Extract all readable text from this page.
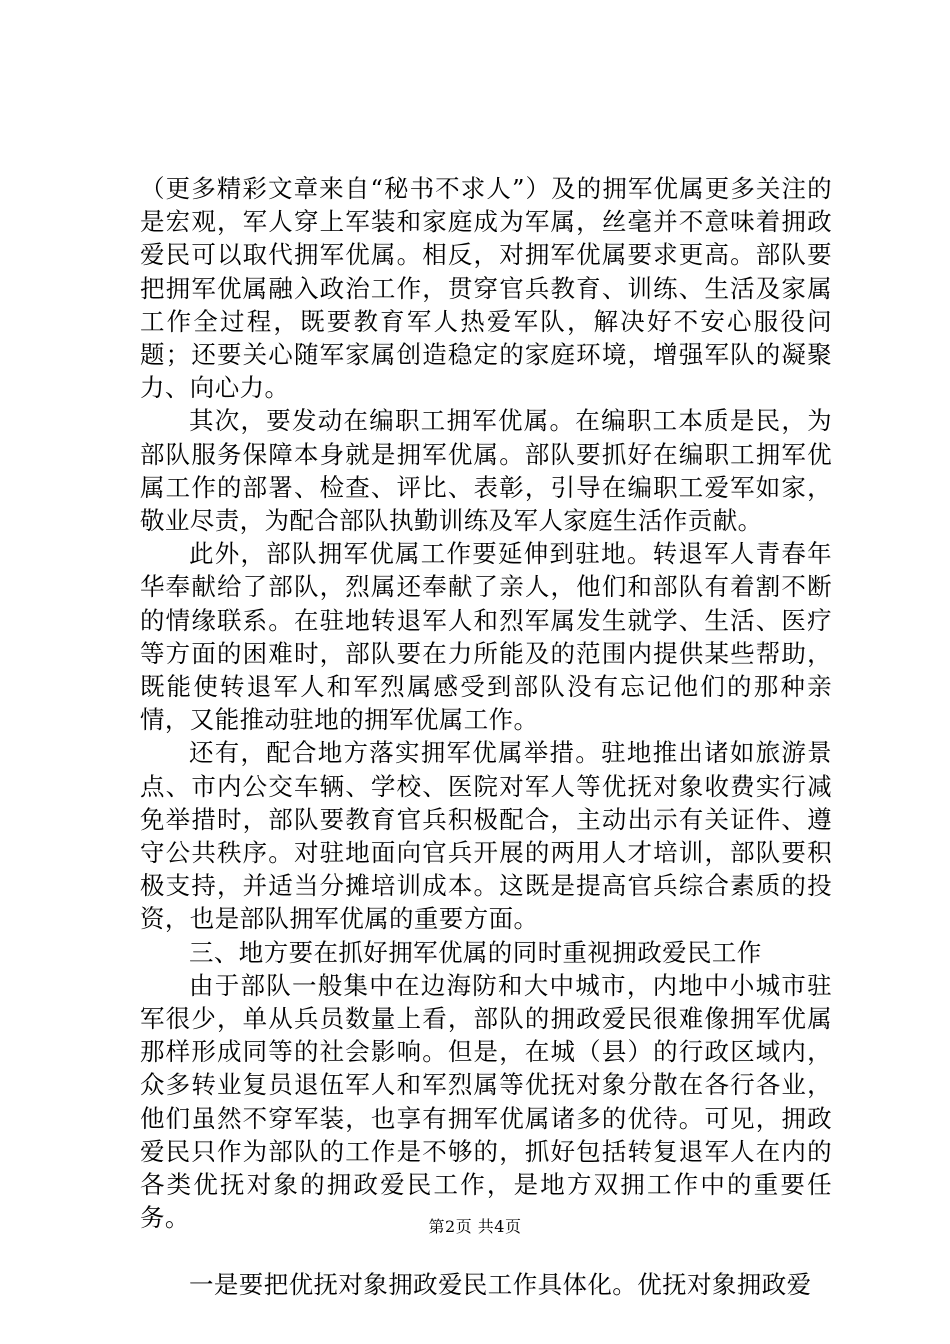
（更多精彩文章来自“秘书不求人”）及的拥军优属更多关注的是宏观，军人穿上军装和家庭成为军属，丝毫并不意味着拥政爱民可以取代拥军优属。相反，对拥军优属要求更高。部队要把拥军优属融入政治工作，贯穿官兵教育、训练、生活及家属工作全过程，既要教育军人热爱军队，解决好不安心服役问题；还要关心随军家属创造稳定的家庭环境，增强军队的凝聚力、向心力。

其次，要发动在编职工拥军优属。在编职工本质是民，为部队服务保障本身就是拥军优属。部队要抓好在编职工拥军优属工作的部署、检查、评比、表彰，引导在编职工爱军如家，敬业尽责，为配合部队执勤训练及军人家庭生活作贡献。

此外，部队拥军优属工作要延伸到驻地。转退军人青春年华奉献给了部队，烈属还奉献了亲人，他们和部队有着割不断的情缘联系。在驻地转退军人和烈军属发生就学、生活、医疗等方面的困难时，部队要在力所能及的范围内提供某些帮助，既能使转退军人和军烈属感受到部队没有忘记他们的那种亲情，又能推动驻地的拥军优属工作。

还有，配合地方落实拥军优属举措。驻地推出诸如旅游景点、市内公交车辆、学校、医院对军人等优抚对象收费实行减免举措时，部队要教育官兵积极配合，主动出示有关证件、遵守公共秩序。对驻地面向官兵开展的两用人才培训，部队要积极支持，并适当分摊培训成本。这既是提高官兵综合素质的投资，也是部队拥军优属的重要方面。

三、地方要在抓好拥军优属的同时重视拥政爱民工作

由于部队一般集中在边海防和大中城市，内地中小城市驻军很少，单从兵员数量上看，部队的拥政爱民很难像拥军优属那样形成同等的社会影响。但是，在城（县）的行政区域内，众多转业复员退伍军人和军烈属等优抚对象分散在各行各业，他们虽然不穿军装，也享有拥军优属诸多的优待。可见，拥政爱民只作为部队的工作是不够的，抓好包括转复退军人在内的各类优抚对象的拥政爱民工作，是地方双拥工作中的重要任务。

一是要把优抚对象拥政爱民工作具体化。优抚对象拥政爱

第2页 共4页
